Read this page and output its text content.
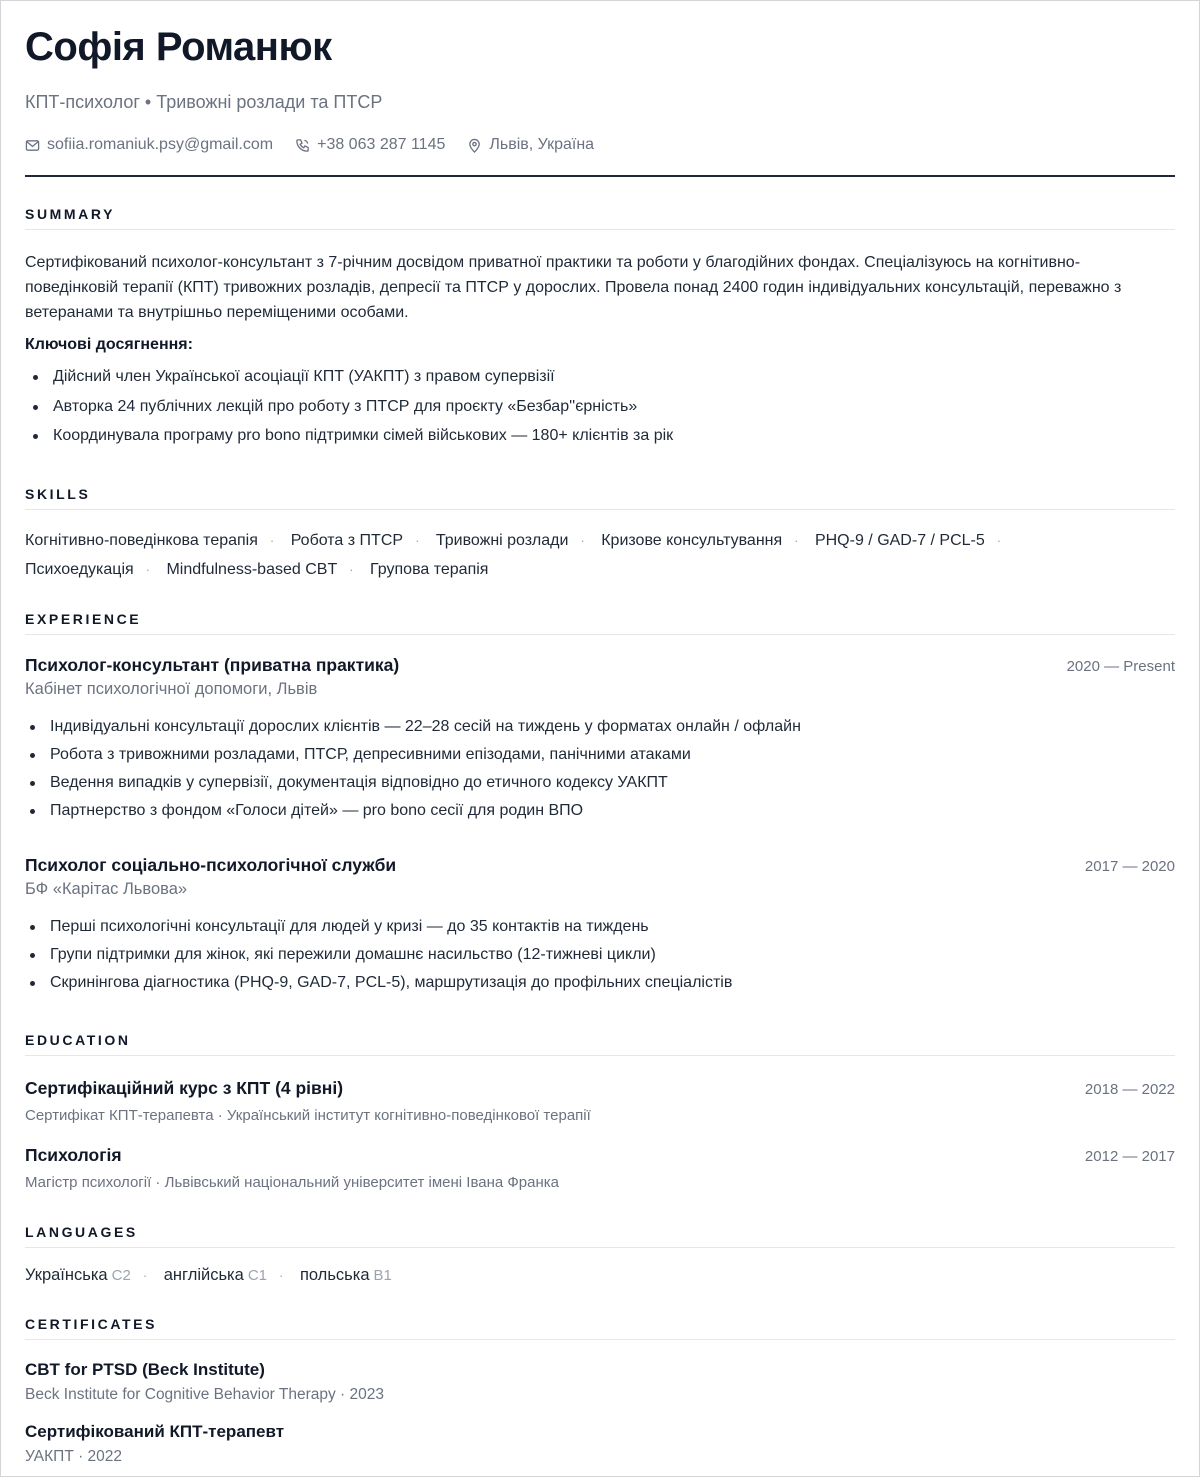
Софія Романюк
КПТ-психолог • Тривожні розлади та ПТСР
sofiia.romaniuk.psy@gmail.com	+38 063 287 1145	Львів, Україна
SUMMARY
Сертифікований психолог-консультант з 7-річним досвідом приватної практики та роботи у благодійних фондах. Спеціалізуюсь на когнітивно- поведінковій терапії (КПТ) тривожних розладів, депресії та ПТСР у дорослих. Провела понад 2400 годин індивідуальних консультацій, переважно з ветеранами та внутрішньо переміщеними особами.
Ключові досягнення:
Дійсний член Української асоціації КПТ (УАКПТ) з правом супервізії
Авторка 24 публічних лекцій про роботу з ПТСР для проєкту «Безбар''єрність»
Координувала програму pro bono підтримки сімей військових — 180+ клієнтів за рік
SKILLS
Когнітивно-поведінкова терапія · Робота з ПТСР · Тривожні розлади · Кризове консультування · PHQ-9 / GAD-7 / PCL-5 · Психоедукація · Mindfulness-based CBT · Групова терапія
EXPERIENCE
Психолог-консультант (приватна практика)	2020 — Present
Кабінет психологічної допомоги, Львів
Індивідуальні консультації дорослих клієнтів — 22–28 сесій на тиждень у форматах онлайн / офлайн
Робота з тривожними розладами, ПТСР, депресивними епізодами, панічними атаками
Ведення випадків у супервізії, документація відповідно до етичного кодексу УАКПТ
Партнерство з фондом «Голоси дітей» — pro bono сесії для родин ВПО
Психолог соціально-психологічної служби	2017 — 2020
БФ «Карітас Львова»
Перші психологічні консультації для людей у кризі — до 35 контактів на тиждень
Групи підтримки для жінок, які пережили домашнє насильство (12-тижневі цикли)
Скринінгова діагностика (PHQ-9, GAD-7, PCL-5), маршрутизація до профільних спеціалістів
EDUCATION
Сертифікаційний курс з КПТ (4 рівні)	2018 — 2022
Сертифікат КПТ-терапевта · Український інститут когнітивно-поведінкової терапії
Психологія	2012 — 2017
Магістр психології · Львівський національний університет імені Івана Франка
LANGUAGES
Українська C2 · англійська C1 · польська B1
CERTIFICATES
CBT for PTSD (Beck Institute)
Beck Institute for Cognitive Behavior Therapy · 2023
Сертифікований КПТ-терапевт
УАКПТ · 2022
